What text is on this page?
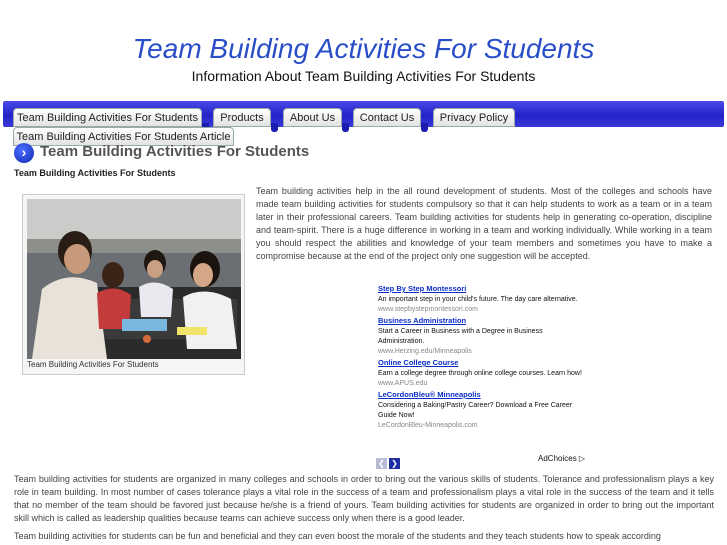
Team Building Activities For Students
Information About Team Building Activities For Students
Team Building Activities For Students	Products	About Us	Contact Us	Privacy Policy
Team Building Activities For Students Article
› Team Building Activities For Students
Team Building Activities For Students
Team Building Activities For Students
Team building activities help in the all round development of students. Most of the colleges and schools have made team building activities for students compulsory so that it can help students to work as a team or in a team later in their professional careers. Team building activities for students help in generating co-operation, discipline and team-spirit. There is a huge difference in working in a team and working individually. While working in a team you should respect the abilities and knowledge of your team members and sometimes you have to make a compromise because at the end of the project only one suggestion will be accepted.
Step By Step Montessori
An important step in your child's future. The day care alternative.
www.stepbystepmontessori.com
Business Administration
Start a Career in Business with a Degree in Business Administration.
www.Herzing.edu/Minneapolis
Online College Course
Earn a college degree through online college courses. Learn how!
www.APUS.edu
LeCordonBleu® Minneapolis
Considering a Baking/Pastry Career? Download a Free Career Guide Now!
LeCordonBleu-Minneapolis.com
❮ ❯
AdChoices ▷
Team building activities for students are organized in many colleges and schools in order to bring out the various skills of students. Tolerance and professionalism plays a key role in team building. In most number of cases tolerance plays a vital role in the success of a team and professionalism plays a vital role in the success of the team and it tells that no member of the team should be favored just because he/she is a friend of yours. Team building activities for students are organized in order to bring out the important skill which is called as leadership qualities because teams can achieve success only when there is a good leader.
Team building activities for students can be fun and beneficial and they can even boost the morale of the students and they teach students how to speak according
